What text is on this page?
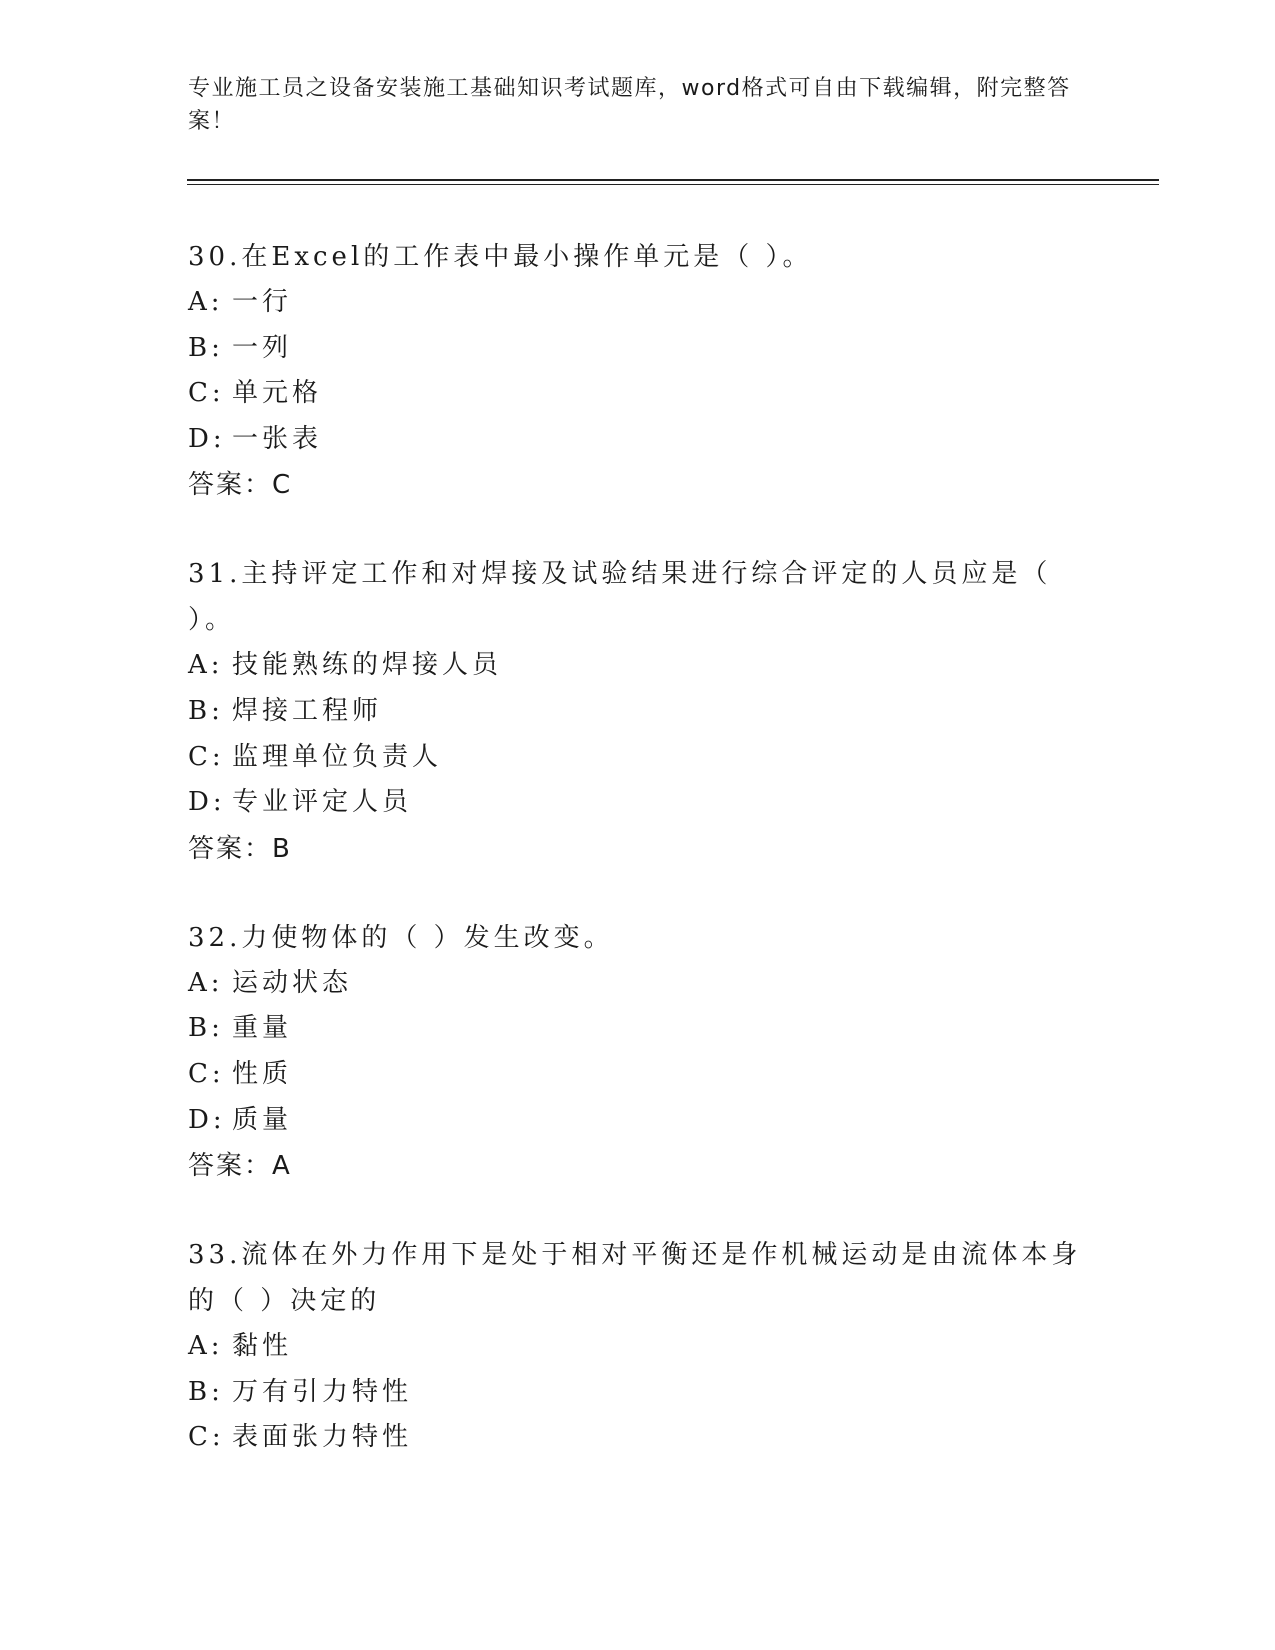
专业施工员之设备安装施工基础知识考试题库，word格式可自由下载编辑，附完整答案！

30.在Excel的工作表中最小操作单元是（ ）。

A: 一行
B: 一列
C: 单元格
D: 一张表
答案：C

31.主持评定工作和对焊接及试验结果进行综合评定的人员应是（ ）。

A: 技能熟练的焊接人员
B: 焊接工程师
C: 监理单位负责人
D: 专业评定人员
答案：B

32.力使物体的（ ）发生改变。

A: 运动状态
B: 重量
C: 性质
D: 质量
答案：A

33.流体在外力作用下是处于相对平衡还是作机械运动是由流体本身的（ ）决定的

A: 黏性
B: 万有引力特性
C: 表面张力特性
